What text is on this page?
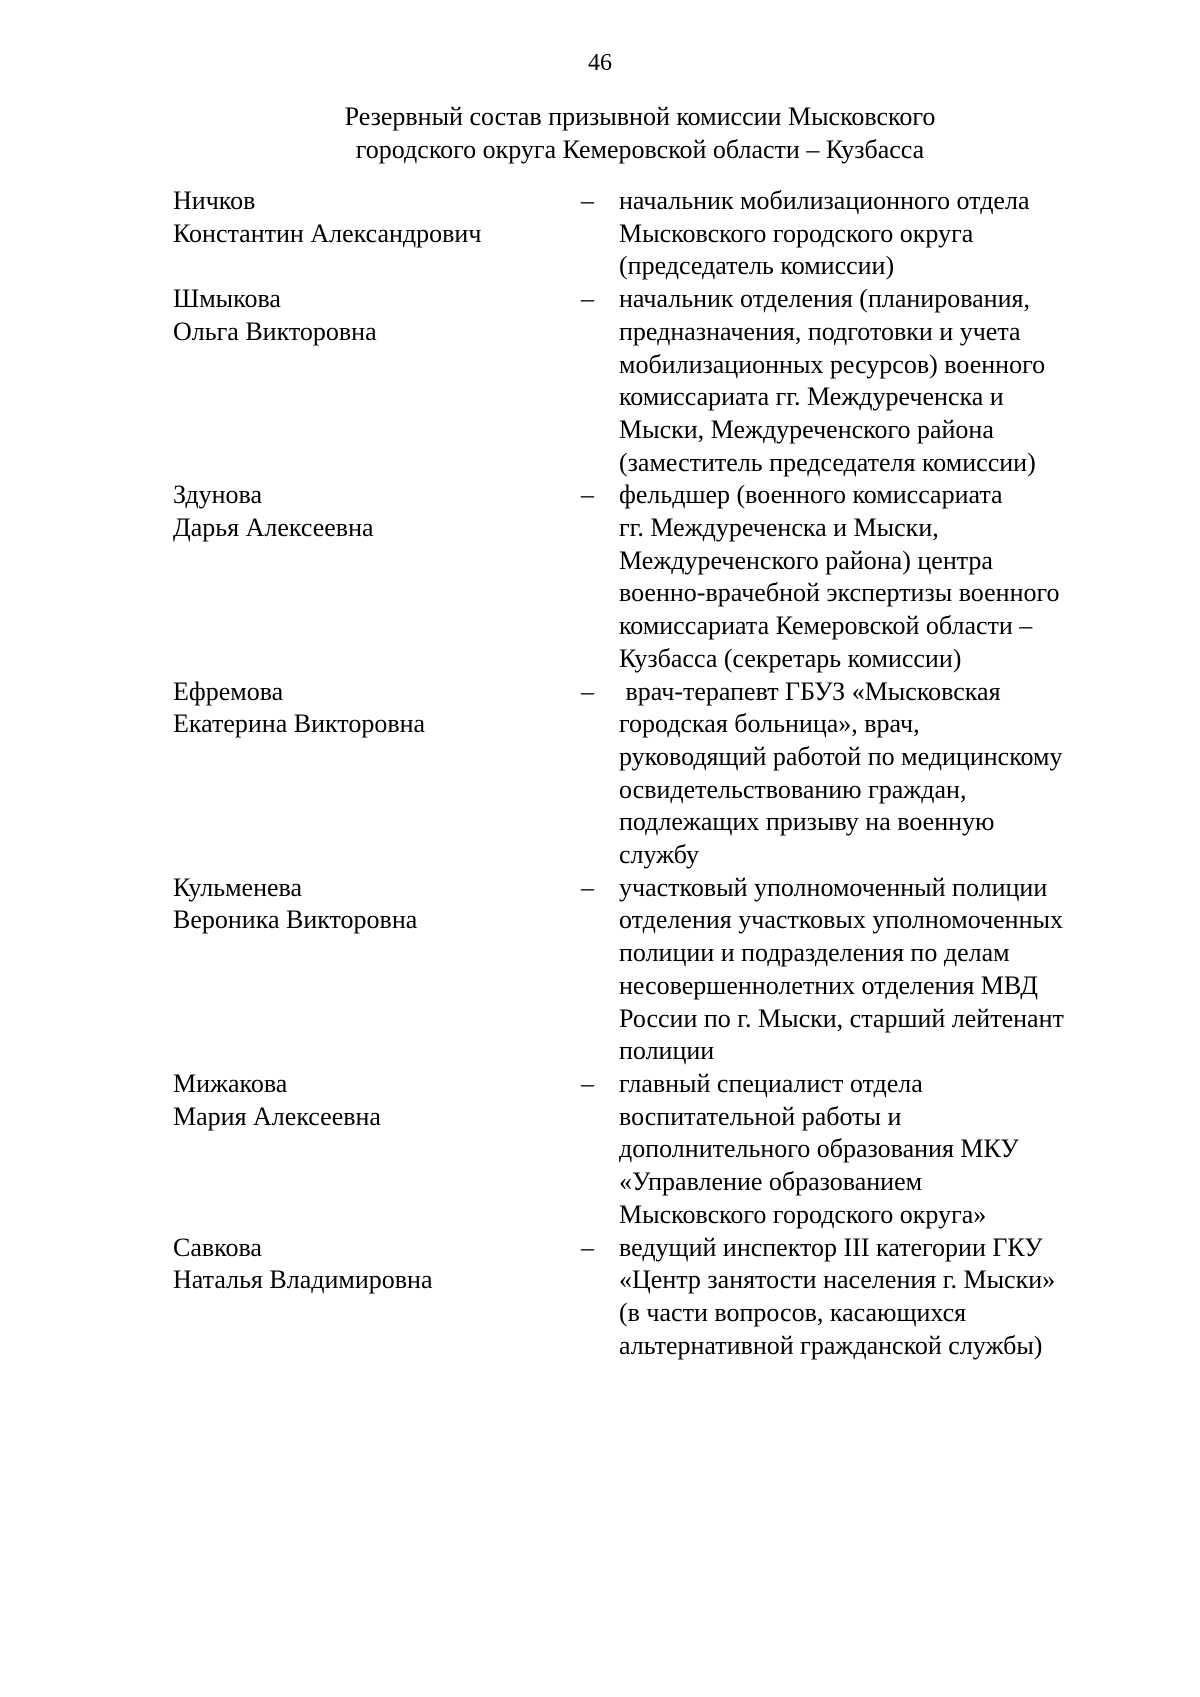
46
Резервный состав призывной комиссии Мысковского
городского округа Кемеровской области – Кузбасса
Ничков
Константин Александрович
– начальник мобилизационного отдела
Мысковского городского округа
(председатель комиссии)
Шмыкова
Ольга Викторовна
– начальник отделения (планирования,
предназначения, подготовки и учета
мобилизационных ресурсов) военного
комиссариата гг. Междуреченска и
Мыски, Междуреченского района
(заместитель председателя комиссии)
Здунова
Дарья Алексеевна
– фельдшер (военного комиссариата
гг. Междуреченска и Мыски,
Междуреченского района) центра
военно-врачебной экспертизы военного
комиссариата Кемеровской области –
Кузбасса (секретарь комиссии)
Ефремова
Екатерина Викторовна
– врач-терапевт ГБУЗ «Мысковская
городская больница», врач,
руководящий работой по медицинскому
освидетельствованию граждан,
подлежащих призыву на военную
службу
Кульменева
Вероника Викторовна
– участковый уполномоченный полиции
отделения участковых уполномоченных
полиции и подразделения по делам
несовершеннолетних отделения МВД
России по г. Мыски, старший лейтенант
полиции
Мижакова
Мария Алексеевна
– главный специалист отдела
воспитательной работы и
дополнительного образования МКУ
«Управление образованием
Мысковского городского округа»
Савкова
Наталья Владимировна
– ведущий инспектор III категории ГКУ
«Центр занятости населения г. Мыски»
(в части вопросов, касающихся
альтернативной гражданской службы)
